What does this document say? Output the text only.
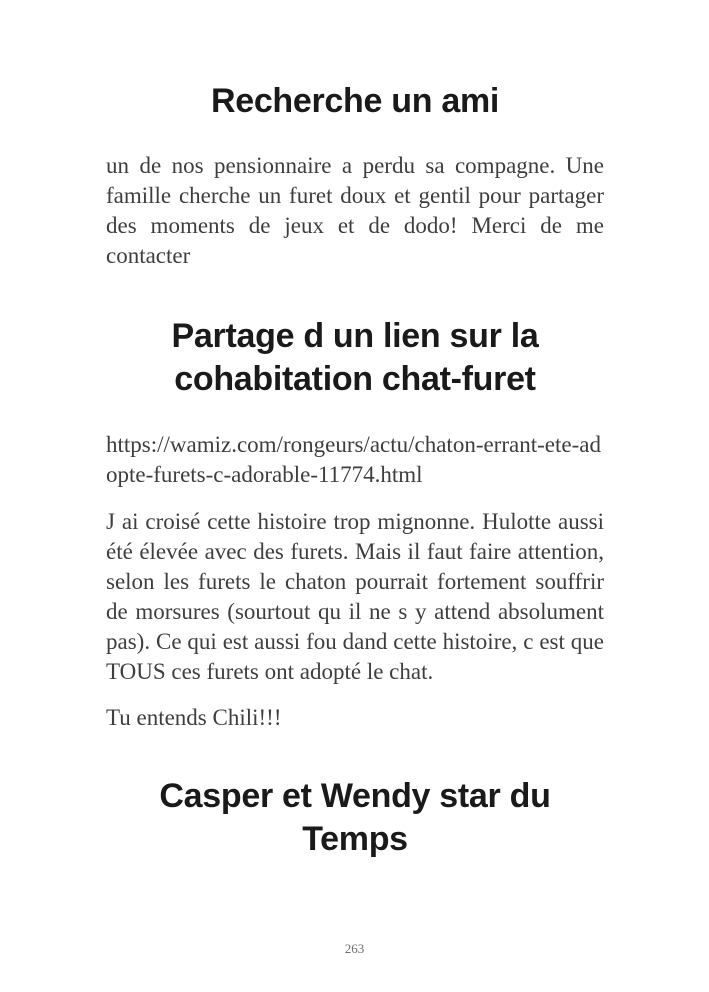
Recherche un ami

un de nos pensionnaire a perdu sa compagne. Une famille cherche un furet doux et gentil pour partager des moments de jeux et de dodo! Merci de me contacter

Partage d un lien sur la cohabitation chat-furet

https://wamiz.com/rongeurs/actu/chaton-errant-ete-adopte-furets-c-adorable-11774.html

J ai croisé cette histoire trop mignonne. Hulotte aussi été élevée avec des furets. Mais il faut faire attention, selon les furets le chaton pourrait fortement souffrir de morsures (sourtout qu il ne s y attend absolument pas). Ce qui est aussi fou dand cette histoire, c est que TOUS ces furets ont adopté le chat.

Tu entends Chili!!!

Casper et Wendy star du Temps
263
